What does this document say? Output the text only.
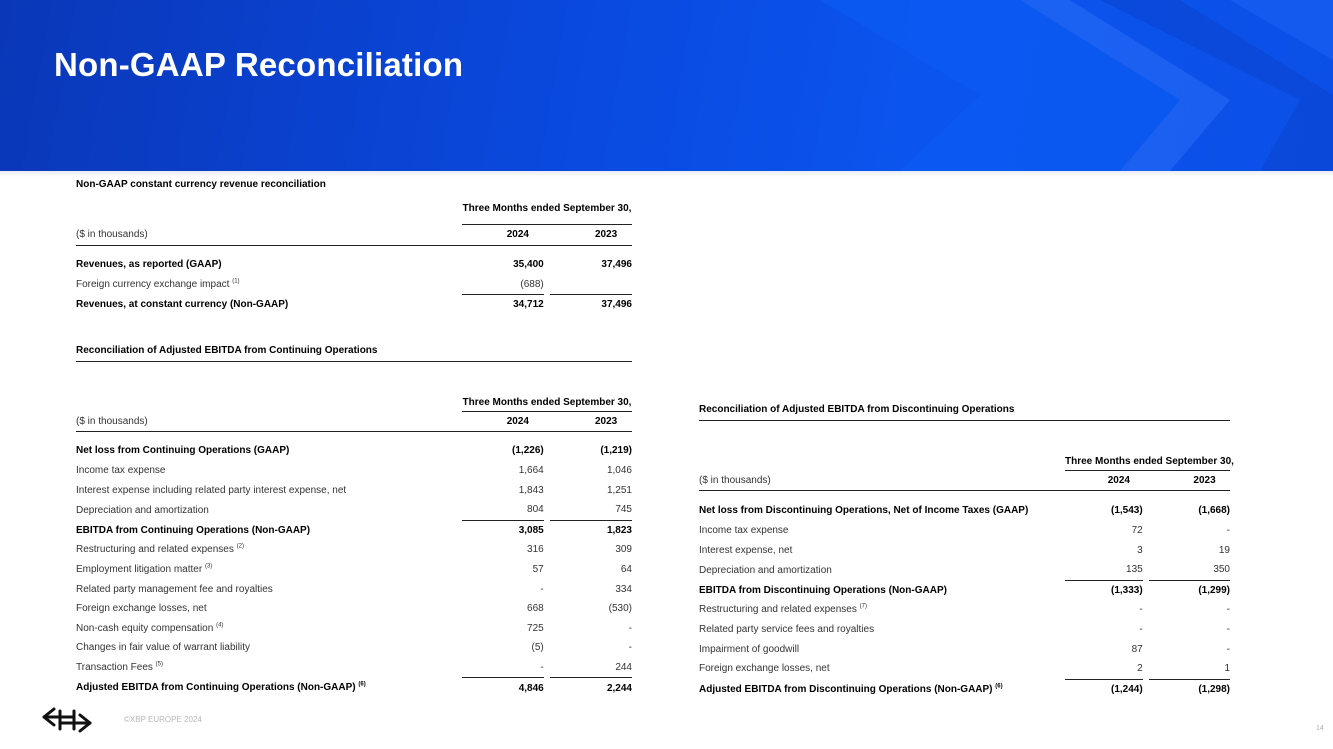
Non-GAAP Reconciliation
Non-GAAP constant currency revenue reconciliation			
	Three Months ended September 30,		
($ in thousands)	2024		2023

Revenues, as reported (GAAP)	35,400		37,496
Foreign currency exchange impact $^{(1)}$	(688)		
Revenues, at constant currency (Non-GAAP)	34,712		37,496
Reconciliation of Adjusted EBITDA from Continuing Operations			
	Three Months ended September 30,		
($ in thousands)	2024		2023

Net loss from Continuing Operations (GAAP)	(1,226)		(1,219)
Income tax expense	1,664		1,046
Interest expense including related party interest expense, net	1,843		1,251
Depreciation and amortization	804		745
EBITDA from Continuing Operations (Non-GAAP)	3,085		1,823
Restructuring and related expenses $^{(2)}$	316		309
Employment litigation matter $^{(3)}$	57		64
Related party management fee and royalties	-		334
Foreign exchange losses, net	668		(530)
Non-cash equity compensation $^{(4)}$	725		-
Changes in fair value of warrant liability	(5)		-
Transaction Fees $^{(5)}$	-		244
Adjusted EBITDA from Continuing Operations (Non-GAAP) $^{(6)}$	4,846		2,244
Reconciliation of Adjusted EBITDA from Discontinuing Operations			
	Three Months ended September 30,		
($ in thousands)	2024		2023

Net loss from Discontinuing Operations, Net of Income Taxes (GAAP)	(1,543)		(1,668)
Income tax expense	72		-
Interest expense, net	3		19
Depreciation and amortization	135		350
EBITDA from Discontinuing Operations (Non-GAAP)	(1,333)		(1,299)
Restructuring and related expenses $^{(7)}$	-		-
Related party service fees and royalties	-		-
Impairment of goodwill	87		-
Foreign exchange losses, net	2		1
Adjusted EBITDA from Discontinuing Operations (Non-GAAP) $^{(6)}$	(1,244)		(1,298)
©XBP EUROPE 2024
14
